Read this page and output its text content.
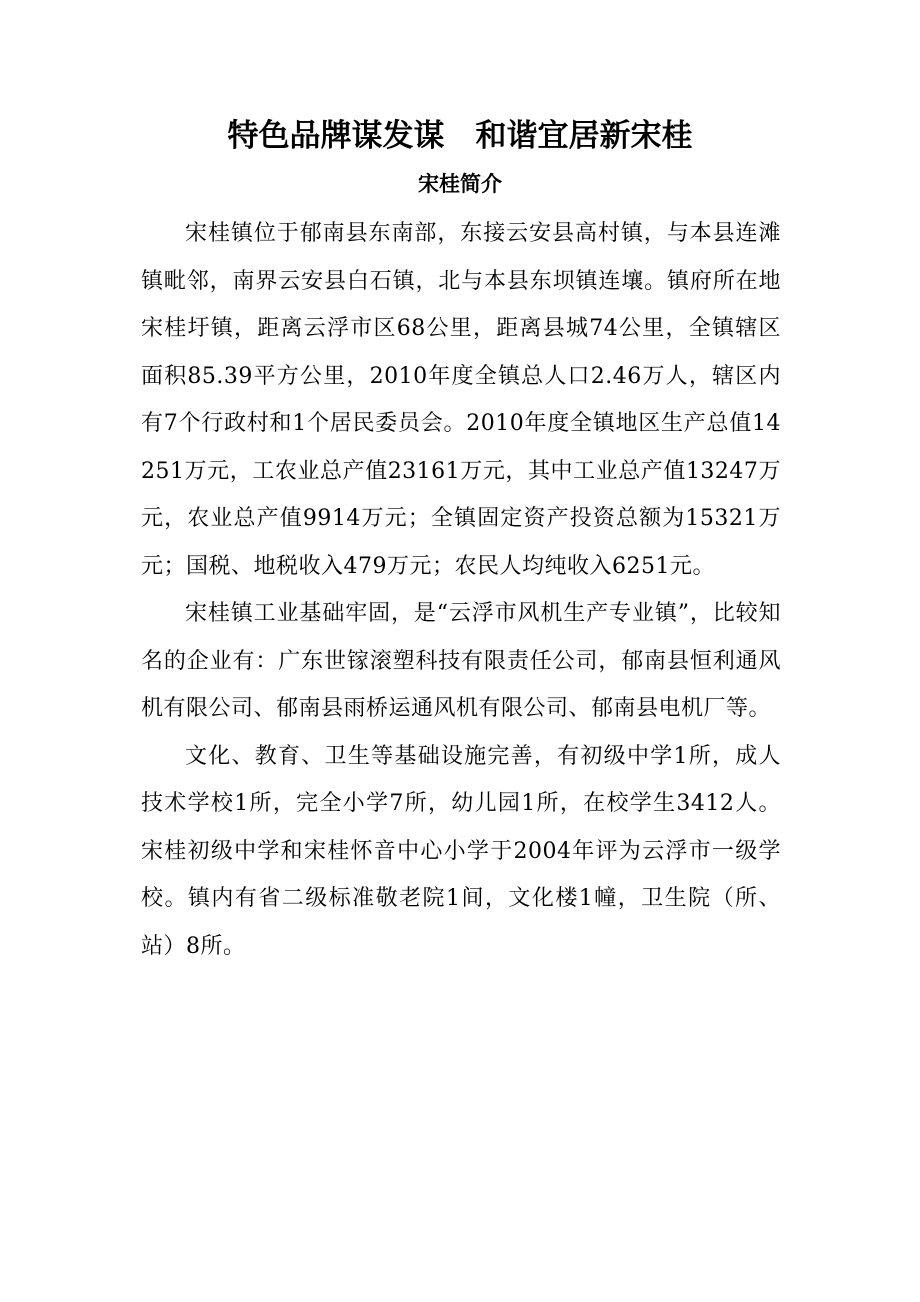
特色品牌谋发谋　和谐宜居新宋桂
宋桂简介

宋桂镇位于郁南县东南部，东接云安县高村镇，与本县连滩镇毗邻，南界云安县白石镇，北与本县东坝镇连壤。镇府所在地宋桂圩镇，距离云浮市区68公里，距离县城74公里，全镇辖区面积85.39平方公里，2010年度全镇总人口2.46万人，辖区内有7个行政村和1个居民委员会。2010年度全镇地区生产总值14251万元，工农业总产值23161万元，其中工业总产值13247万元，农业总产值9914万元；全镇固定资产投资总额为15321万元；国税、地税收入479万元；农民人均纯收入6251元。

宋桂镇工业基础牢固，是“云浮市风机生产专业镇”，比较知名的企业有：广东世镓滚塑科技有限责任公司，郁南县恒利通风机有限公司、郁南县雨桥运通风机有限公司、郁南县电机厂等。

文化、教育、卫生等基础设施完善，有初级中学1所，成人技术学校1所，完全小学7所，幼儿园1所，在校学生3412人。宋桂初级中学和宋桂怀音中心小学于2004年评为云浮市一级学校。镇内有省二级标准敬老院1间，文化楼1幢，卫生院（所、站）8所。
